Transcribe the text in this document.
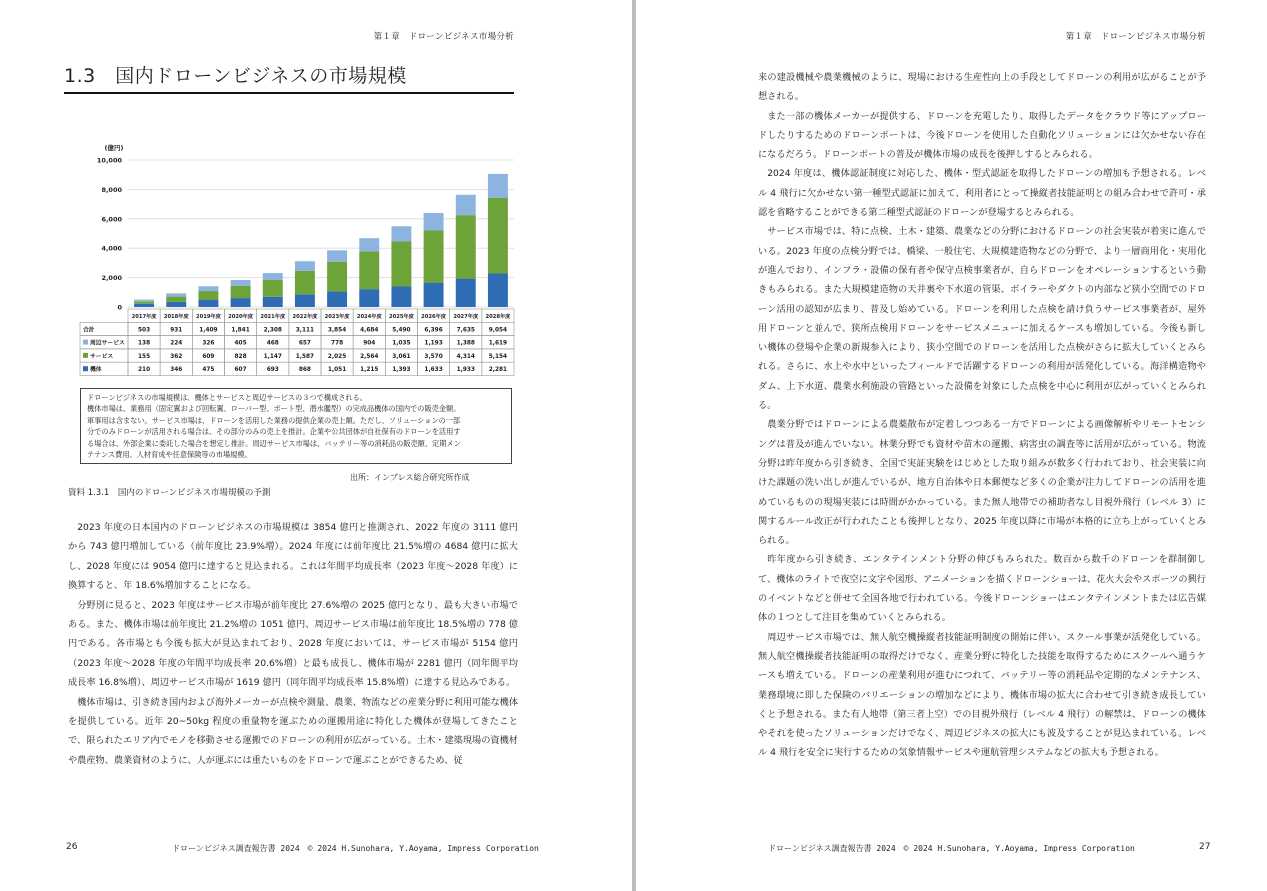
第１章　ドローンビジネス市場分析
1.3　国内ドローンビジネスの市場規模
0
2,000
4,000
6,000
8,000
10,000
(億円)
2017年度 2018年度 2019年度 2020年度 2021年度 2022年度 2023年度 2024年度 2025年度 2026年度 2027年度 2028年度
合計	503	931	1,409 1,841 2,308 3,111 3,854 4,684 5,490 6,396 7,635 9,054
周辺サービス 138	224	326	405	468	657	778	904	1,035 1,193 1,388 1,619
サービス	155	362	609	828	1,147 1,587 2,025 2,564 3,061 3,570 4,314 5,154
機体	210	346	475	607	693	868	1,051 1,215 1,393 1,633 1,933 2,281
ドローンビジネスの市場規模は、機体とサービスと周辺サービスの３つで構成される。
機体市場は、業務用（固定翼および回転翼、ローバー型、ボート型、潜水艦型）の完成品機体の国内での販売金額。
軍事用は含まない。サービス市場は、ドローンを活用した業務の提供企業の売上額。ただし、ソリューションの一部
分でのみドローンが活用される場合は、その部分のみの売上を推計。企業や公共団体が自社保有のドローンを活用す
る場合は、外部企業に委託した場合を想定し推計。周辺サービス市場は、バッテリー等の消耗品の販売額、定期メン
テナンス費用、人材育成や任意保険等の市場規模。
出所：インプレス総合研究所作成
資料 1.3.1　国内のドローンビジネス市場規模の予測

2023 年度の日本国内のドローンビジネスの市場規模は 3854 億円と推測され、2022 年度の 3111 億円から 743 億円増加している（前年度比 23.9%増）。2024 年度には前年度比 21.5%増の 4684 億円に拡大し、2028 年度には 9054 億円に達すると見込まれる。これは年間平均成長率（2023 年度～2028 年度）に換算すると、年 18.6%増加することになる。

分野別に見ると、2023 年度はサービス市場が前年度比 27.6%増の 2025 億円となり、最も大きい市場である。また、機体市場は前年度比 21.2%増の 1051 億円、周辺サービス市場は前年度比 18.5%増の 778 億円である。各市場とも今後も拡大が見込まれており、2028 年度においては、サービス市場が 5154 億円（2023 年度～2028 年度の年間平均成長率 20.6%増）と最も成長し、機体市場が 2281 億円（同年間平均成長率 16.8%増）、周辺サービス市場が 1619 億円（同年間平均成長率 15.8%増）に達する見込みである。

機体市場は、引き続き国内および海外メーカーが点検や測量、農業、物流などの産業分野に利用可能な機体を提供している。近年 20~50kg 程度の重量物を運ぶための運搬用途に特化した機体が登場してきたことで、限られたエリア内でモノを移動させる運搬でのドローンの利用が広がっている。土木・建築現場の資機材や農産物、農業資材のように、人が運ぶには重たいものをドローンで運ぶことができるため、従

26	ドローンビジネス調査報告書 2024　© 2024 H.Sunohara, Y.Aoyama, Impress Corporation
第１章　ドローンビジネス市場分析

来の建設機械や農業機械のように、現場における生産性向上の手段としてドローンの利用が広がることが予想される。

また一部の機体メーカーが提供する、ドローンを充電したり、取得したデータをクラウド等にアップロードしたりするためのドローンポートは、今後ドローンを使用した自動化ソリューションには欠かせない存在になるだろう。ドローンポートの普及が機体市場の成長を後押しするとみられる。

2024 年度は、機体認証制度に対応した、機体・型式認証を取得したドローンの増加も予想される。レベル 4 飛行に欠かせない第一種型式認証に加えて、利用者にとって操縦者技能証明との組み合わせで許可・承認を省略することができる第二種型式認証のドローンが登場するとみられる。

サービス市場では、特に点検、土木・建築、農業などの分野におけるドローンの社会実装が着実に進んでいる。2023 年度の点検分野では、橋梁、一般住宅、大規模建造物などの分野で、より一層商用化・実用化が進んでおり、インフラ・設備の保有者や保守点検事業者が、自らドローンをオペレーションするという動きもみられる。また大規模建造物の天井裏や下水道の管渠、ボイラーやダクトの内部など狭小空間でのドローン活用の認知が広まり、普及し始めている。ドローンを利用した点検を請け負うサービス事業者が、屋外用ドローンと並んで、狭所点検用ドローンをサービスメニューに加えるケースも増加している。今後も新しい機体の登場や企業の新規参入により、狭小空間でのドローンを活用した点検がさらに拡大していくとみられる。さらに、水上や水中といったフィールドで活躍するドローンの利用が活発化している。海洋構造物やダム、上下水道、農業水利施設の管路といった設備を対象にした点検を中心に利用が広がっていくとみられる。

農業分野ではドローンによる農薬散布が定着しつつある一方でドローンによる画像解析やリモートセンシングは普及が進んでいない。林業分野でも資材や苗木の運搬、病害虫の調査等に活用が広がっている。物流分野は昨年度から引き続き、全国で実証実験をはじめとした取り組みが数多く行われており、社会実装に向けた課題の洗い出しが進んでいるが、地方自治体や日本郵便など多くの企業が注力してドローンの活用を進めているものの現場実装には時間がかかっている。また無人地帯での補助者なし目視外飛行（レベル 3）に関するルール改正が行われたことも後押しとなり、2025 年度以降に市場が本格的に立ち上がっていくとみられる。

昨年度から引き続き、エンタテインメント分野の伸びもみられた。数百から数千のドローンを群制御して、機体のライトで夜空に文字や図形、アニメーションを描くドローンショーは、花火大会やスポーツの興行のイベントなどと併せて全国各地で行われている。今後ドローンショーはエンタテインメントまたは広告媒体の１つとして注目を集めていくとみられる。

周辺サービス市場では、無人航空機操縦者技能証明制度の開始に伴い、スクール事業が活発化している。無人航空機操縦者技能証明の取得だけでなく、産業分野に特化した技能を取得するためにスクールへ通うケースも増えている。ドローンの産業利用が進むにつれて、バッテリー等の消耗品や定期的なメンテナンス、業務環境に即した保険のバリエーションの増加などにより、機体市場の拡大に合わせて引き続き成長していくと予想される。また有人地帯（第三者上空）での目視外飛行（レベル 4 飛行）の解禁は、ドローンの機体やそれを使ったソリューションだけでなく、周辺ビジネスの拡大にも波及することが見込まれている。レベル 4 飛行を安全に実行するための気象情報サービスや運航管理システムなどの拡大も予想される。

ドローンビジネス調査報告書 2024　© 2024 H.Sunohara, Y.Aoyama, Impress Corporation	27
